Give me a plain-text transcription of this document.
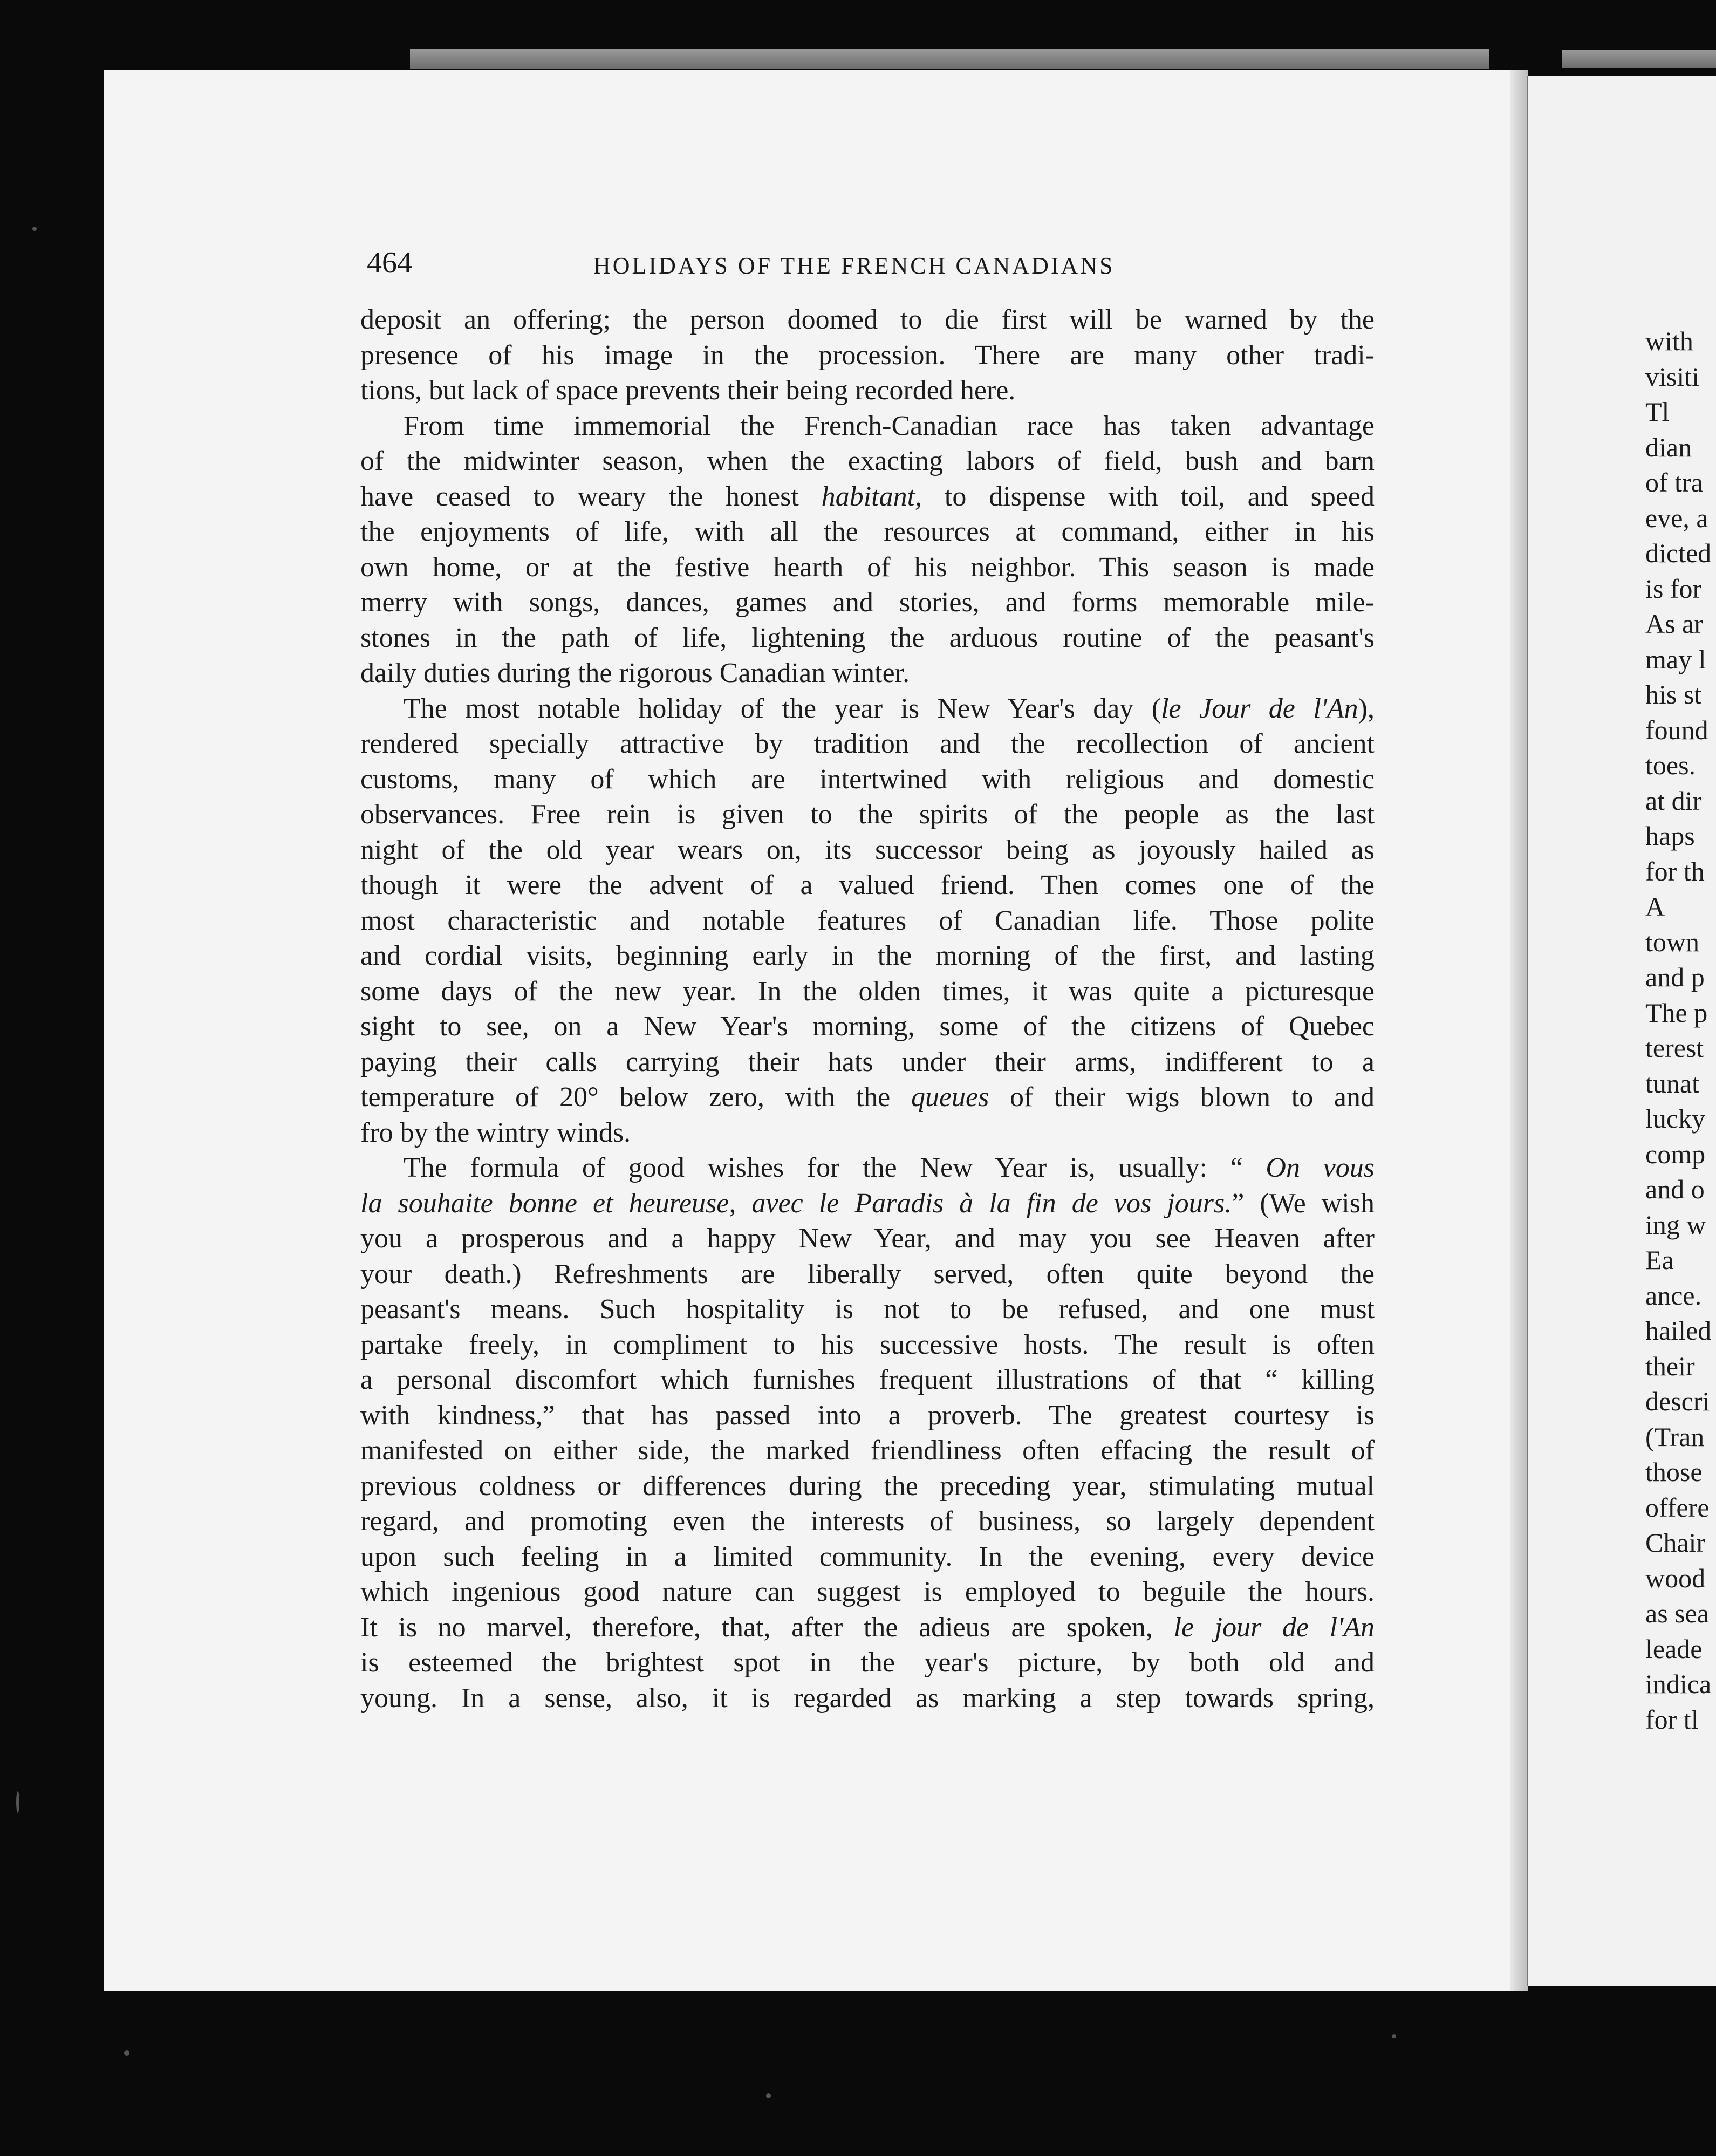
464	HOLIDAYS OF THE FRENCH CANADIANS
deposit an offering; the person doomed to die first will be warned by the
presence of his image in the procession. There are many other tradi-
tions, but lack of space prevents their being recorded here.
From time immemorial the French-Canadian race has taken advantage
of the midwinter season, when the exacting labors of field, bush and barn
have ceased to weary the honest habitant, to dispense with toil, and speed
the enjoyments of life, with all the resources at command, either in his
own home, or at the festive hearth of his neighbor. This season is made
merry with songs, dances, games and stories, and forms memorable mile-
stones in the path of life, lightening the arduous routine of the peasant's
daily duties during the rigorous Canadian winter.
The most notable holiday of the year is New Year's day (le Jour de l'An),
rendered specially attractive by tradition and the recollection of ancient
customs, many of which are intertwined with religious and domestic
observances. Free rein is given to the spirits of the people as the last
night of the old year wears on, its successor being as joyously hailed as
though it were the advent of a valued friend. Then comes one of the
most characteristic and notable features of Canadian life. Those polite
and cordial visits, beginning early in the morning of the first, and lasting
some days of the new year. In the olden times, it was quite a picturesque
sight to see, on a New Year's morning, some of the citizens of Quebec
paying their calls carrying their hats under their arms, indifferent to a
temperature of 20° below zero, with the queues of their wigs blown to and
fro by the wintry winds.
The formula of good wishes for the New Year is, usually: “ On vous
la souhaite bonne et heureuse, avec le Paradis à la fin de vos jours.” (We wish
you a prosperous and a happy New Year, and may you see Heaven after
your death.) Refreshments are liberally served, often quite beyond the
peasant's means. Such hospitality is not to be refused, and one must
partake freely, in compliment to his successive hosts. The result is often
a personal discomfort which furnishes frequent illustrations of that “ killing
with kindness,” that has passed into a proverb. The greatest courtesy is
manifested on either side, the marked friendliness often effacing the result of
previous coldness or differences during the preceding year, stimulating mutual
regard, and promoting even the interests of business, so largely dependent
upon such feeling in a limited community. In the evening, every device
which ingenious good nature can suggest is employed to beguile the hours.
It is no marvel, therefore, that, after the adieus are spoken, le jour de l'An
is esteemed the brightest spot in the year's picture, by both old and
young. In a sense, also, it is regarded as marking a step towards spring,
with
visiti
Tl
dian
of tra
eve, a
dicted
is for
As ar
may l
his st
found
toes.
at dir
haps
for th
A
town
and p
The p
terest
tunat
lucky
comp
and o
ing w
Ea
ance.
hailed
their
descri
(Tran
those
offere
Chair
wood
as sea
leade
indica
for tl
